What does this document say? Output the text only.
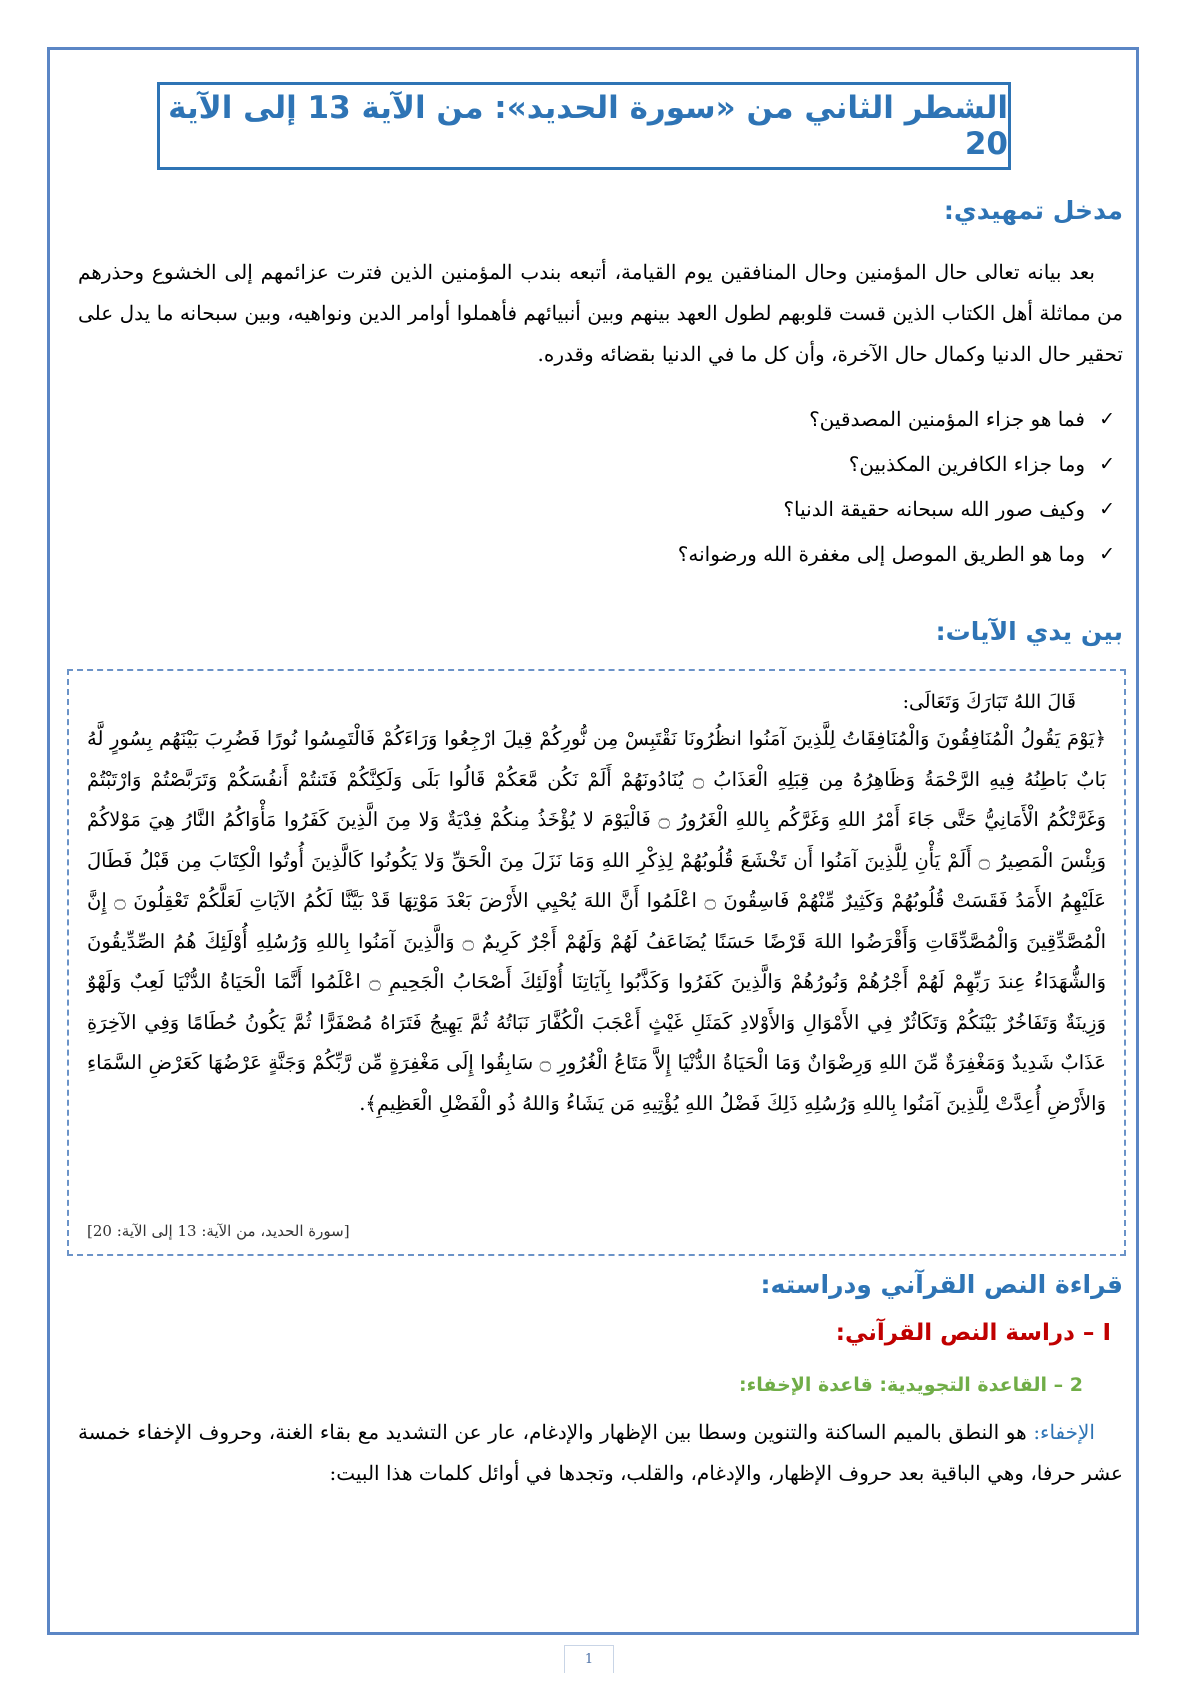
الشطر الثاني من «سورة الحديد»: من الآية 13 إلى الآية 20
مدخل تمهيدي:

بعد بيانه تعالى حال المؤمنين وحال المنافقين يوم القيامة، أتبعه بندب المؤمنين الذين فترت عزائمهم إلى الخشوع وحذرهم من مماثلة أهل الكتاب الذين قست قلوبهم لطول العهد بينهم وبين أنبيائهم فأهملوا أوامر الدين ونواهيه، وبين سبحانه ما يدل على تحقير حال الدنيا وكمال حال الآخرة، وأن كل ما في الدنيا بقضائه وقدره.

✓
فما هو جزاء المؤمنين المصدقين؟
✓
وما جزاء الكافرين المكذبين؟
✓
وكيف صور الله سبحانه حقيقة الدنيا؟
✓
وما هو الطريق الموصل إلى مغفرة الله ورضوانه؟
بين يدي الآيات:
قَالَ اللهُ تَبَارَكَ وَتَعَالَى:
﴿يَوْمَ يَقُولُ الْمُنَافِقُونَ وَالْمُنَافِقَاتُ لِلَّذِينَ آمَنُوا انظُرُونَا نَقْتَبِسْ مِن نُّورِكُمْ قِيلَ ارْجِعُوا وَرَاءَكُمْ فَالْتَمِسُوا نُورًا فَضُرِبَ بَيْنَهُم بِسُورٍ لَّهُ بَابٌ بَاطِنُهُ فِيهِ الرَّحْمَةُ وَظَاهِرُهُ مِن قِبَلِهِ الْعَذَابُ ۝ يُنَادُونَهُمْ أَلَمْ نَكُن مَّعَكُمْ قَالُوا بَلَى وَلَكِنَّكُمْ فَتَنتُمْ أَنفُسَكُمْ وَتَرَبَّصْتُمْ وَارْتَبْتُمْ وَغَرَّتْكُمُ الْأَمَانِيُّ حَتَّى جَاءَ أَمْرُ اللهِ وَغَرَّكُم بِاللهِ الْغَرُورُ ۝ فَالْيَوْمَ لا يُؤْخَذُ مِنكُمْ فِدْيَةٌ وَلا مِنَ الَّذِينَ كَفَرُوا مَأْوَاكُمُ النَّارُ هِيَ مَوْلاكُمْ وَبِئْسَ الْمَصِيرُ ۝ أَلَمْ يَأْنِ لِلَّذِينَ آمَنُوا أَن تَخْشَعَ قُلُوبُهُمْ لِذِكْرِ اللهِ وَمَا نَزَلَ مِنَ الْحَقِّ وَلا يَكُونُوا كَالَّذِينَ أُوتُوا الْكِتَابَ مِن قَبْلُ فَطَالَ عَلَيْهِمُ الأَمَدُ فَقَسَتْ قُلُوبُهُمْ وَكَثِيرٌ مِّنْهُمْ فَاسِقُونَ ۝ اعْلَمُوا أَنَّ اللهَ يُحْيِي الأَرْضَ بَعْدَ مَوْتِهَا قَدْ بَيَّنَّا لَكُمُ الآيَاتِ لَعَلَّكُمْ تَعْقِلُونَ ۝ إِنَّ الْمُصَّدِّقِينَ وَالْمُصَّدِّقَاتِ وَأَقْرَضُوا اللهَ قَرْضًا حَسَنًا يُضَاعَفُ لَهُمْ وَلَهُمْ أَجْرٌ كَرِيمٌ ۝ وَالَّذِينَ آمَنُوا بِاللهِ وَرُسُلِهِ أُوْلَئِكَ هُمُ الصِّدِّيقُونَ وَالشُّهَدَاءُ عِندَ رَبِّهِمْ لَهُمْ أَجْرُهُمْ وَنُورُهُمْ وَالَّذِينَ كَفَرُوا وَكَذَّبُوا بِآيَاتِنَا أُوْلَئِكَ أَصْحَابُ الْجَحِيمِ ۝ اعْلَمُوا أَنَّمَا الْحَيَاةُ الدُّنْيَا لَعِبٌ وَلَهْوٌ وَزِينَةٌ وَتَفَاخُرٌ بَيْنَكُمْ وَتَكَاثُرٌ فِي الأَمْوَالِ وَالأَوْلادِ كَمَثَلِ غَيْثٍ أَعْجَبَ الْكُفَّارَ نَبَاتُهُ ثُمَّ يَهِيجُ فَتَرَاهُ مُصْفَرًّا ثُمَّ يَكُونُ حُطَامًا وَفِي الآخِرَةِ عَذَابٌ شَدِيدٌ وَمَغْفِرَةٌ مِّنَ اللهِ وَرِضْوَانٌ وَمَا الْحَيَاةُ الدُّنْيَا إِلاَّ مَتَاعُ الْغُرُورِ ۝ سَابِقُوا إِلَى مَغْفِرَةٍ مِّن رَّبِّكُمْ وَجَنَّةٍ عَرْضُهَا كَعَرْضِ السَّمَاءِ وَالأَرْضِ أُعِدَّتْ لِلَّذِينَ آمَنُوا بِاللهِ وَرُسُلِهِ ذَلِكَ فَضْلُ اللهِ يُؤْتِيهِ مَن يَشَاءُ وَاللهُ ذُو الْفَضْلِ الْعَظِيمِ﴾.
[سورة الحديد، من الآية: 13 إلى الآية: 20]
قراءة النص القرآني ودراسته:
I – دراسة النص القرآني:
2 – القاعدة التجويدية: قاعدة الإخفاء:

الإخفاء: هو النطق بالميم الساكنة والتنوين وسطا بين الإظهار والإدغام، عار عن التشديد مع بقاء الغنة، وحروف الإخفاء خمسة عشر حرفا، وهي الباقية بعد حروف الإظهار، والإدغام، والقلب، وتجدها في أوائل كلمات هذا البيت:

1
